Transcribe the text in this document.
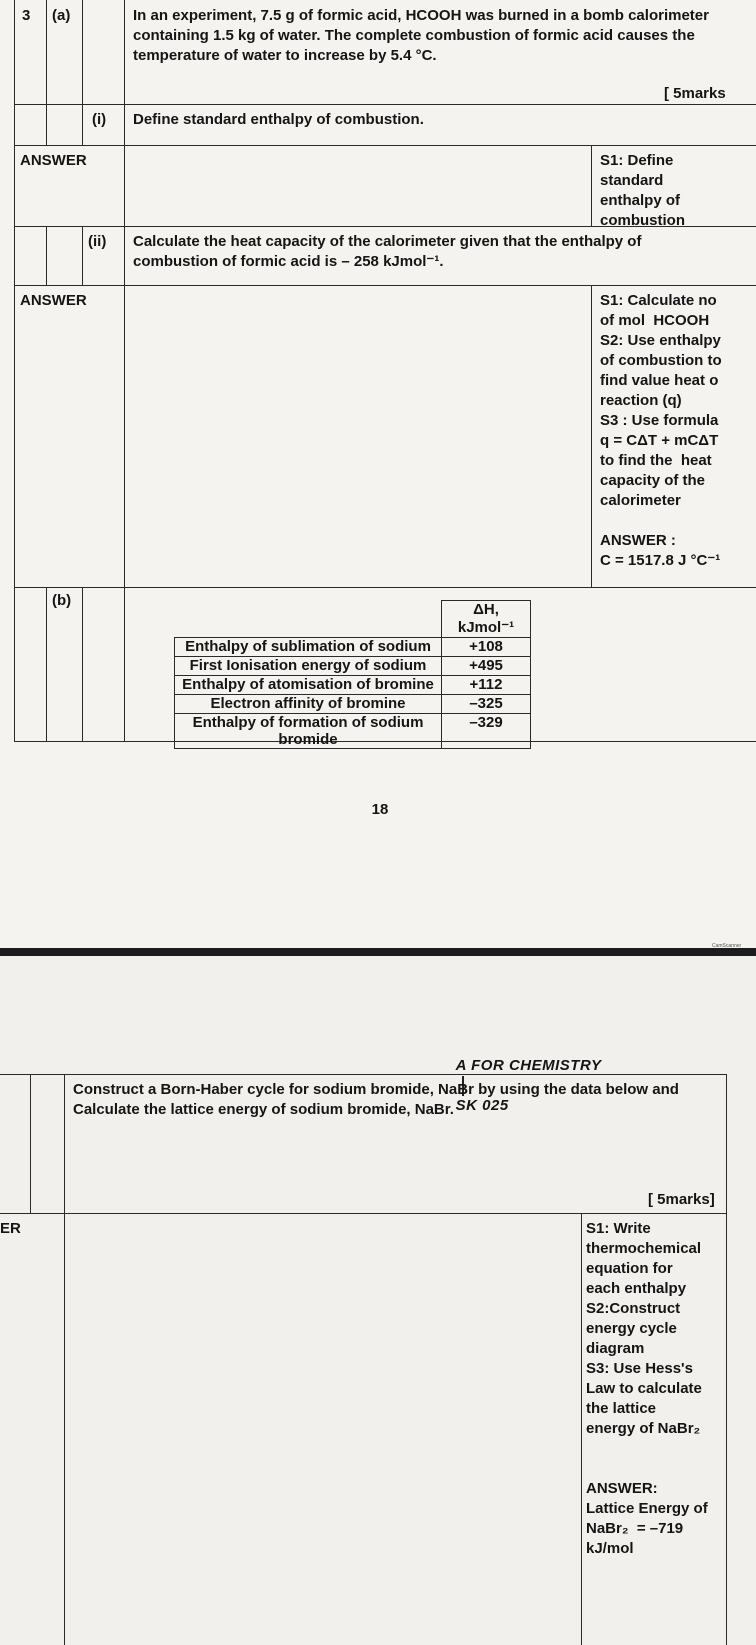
3 (a)	In an experiment, 7.5 g of formic acid, HCOOH was burned in a bomb calorimeter containing 1.5 kg of water. The complete combustion of formic acid causes the temperature of water to increase by 5.4 °C.
[ 5marks
(i) Define standard enthalpy of combustion.
ANSWER	S1: Define
standard
enthalpy of
combustion
(ii) Calculate the heat capacity of the calorimeter given that the enthalpy of combustion of formic acid is – 258 kJmol⁻¹.
ANSWER	S1: Calculate no
of mol  HCOOH
S2: Use enthalpy
of combustion to
find value heat o
reaction (q)
S3 : Use formula
q = CΔT + mCΔT
to find the  heat
capacity of the
calorimeter

ANSWER :
C = 1517.8 J °C⁻¹
(b)
	ΔH, kJmol⁻¹
Enthalpy of sublimation of sodium	+108
First Ionisation energy of sodium	+495
Enthalpy of atomisation of bromine	+112
Electron affinity of bromine	–325
Enthalpy of formation of sodium bromide	–329
18
CamScanner

A FOR CHEMISTRY

SK 025

Construct a Born-Haber cycle for sodium bromide, NaBr by using the data below and Calculate the lattice energy of sodium bromide, NaBr.
[ 5marks]
ER	S1: Write
thermochemical
equation for
each enthalpy
S2:Construct
energy cycle
diagram
S3: Use Hess's
Law to calculate
the lattice
energy of NaBr₂

ANSWER:
Lattice Energy of
NaBr₂  = –719
kJ/mol
